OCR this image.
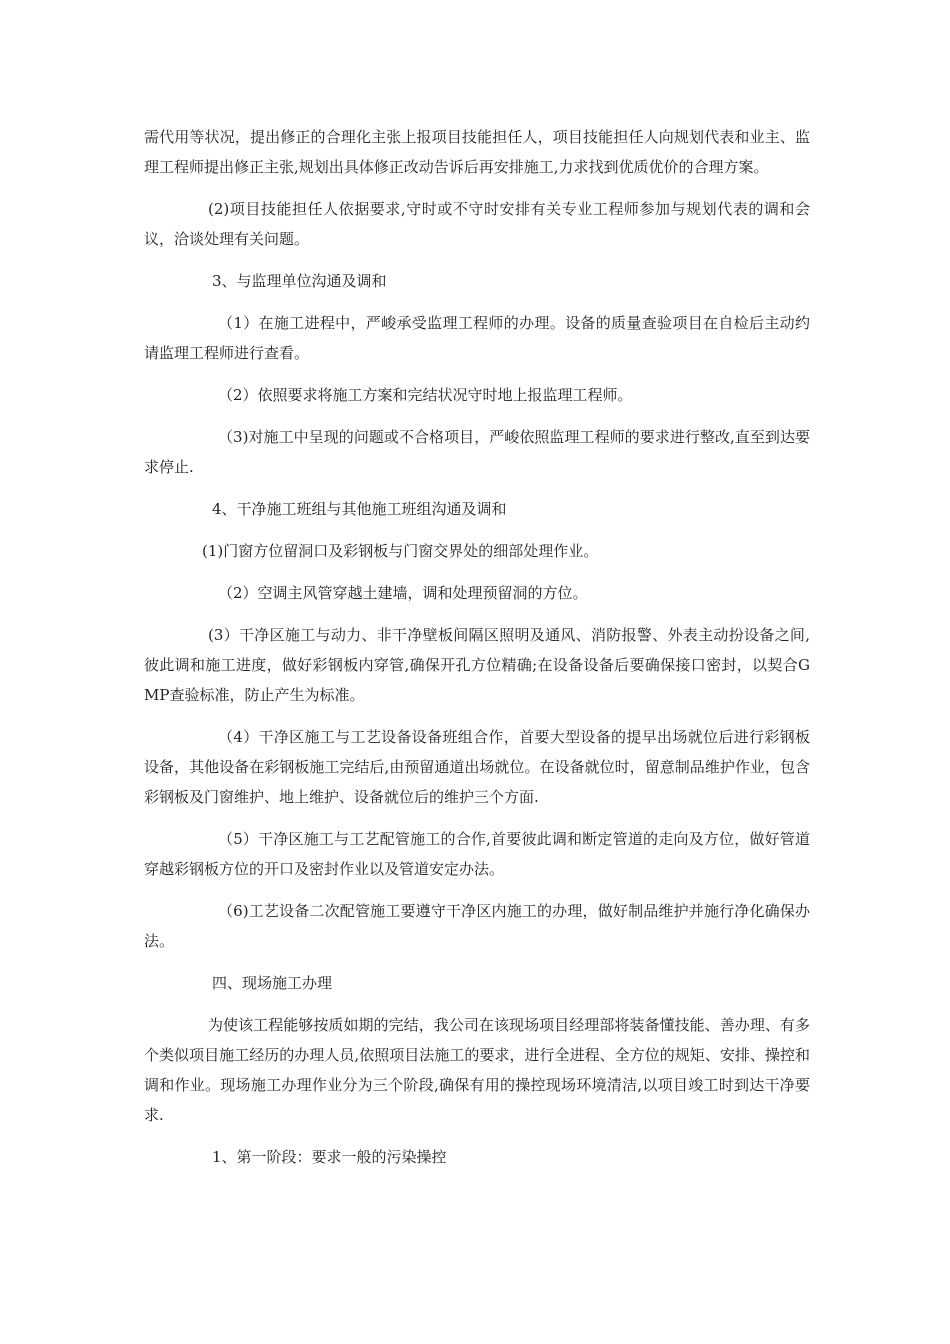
需代用等状况，提出修正的合理化主张上报项目技能担任人，项目技能担任人向规划代表和业主、监理工程师提出修正主张,规划出具体修正改动告诉后再安排施工,力求找到优质优价的合理方案。

(2)项目技能担任人依据要求,守时或不守时安排有关专业工程师参加与规划代表的调和会议，洽谈处理有关问题。

3、与监理单位沟通及调和

（1）在施工进程中，严峻承受监理工程师的办理。设备的质量查验项目在自检后主动约请监理工程师进行查看。

（2）依照要求将施工方案和完结状况守时地上报监理工程师。

（3)对施工中呈现的问题或不合格项目，严峻依照监理工程师的要求进行整改,直至到达要求停止.

4、干净施工班组与其他施工班组沟通及调和

(1)门窗方位留洞口及彩钢板与门窗交界处的细部处理作业。

（2）空调主风管穿越土建墙，调和处理预留洞的方位。

(3）干净区施工与动力、非干净壁板间隔区照明及通风、消防报警、外表主动扮设备之间,彼此调和施工进度，做好彩钢板内穿管,确保开孔方位精确;在设备设备后要确保接口密封，以契合GMP查验标准，防止产生为标准。

（4）干净区施工与工艺设备设备班组合作，首要大型设备的提早出场就位后进行彩钢板设备，其他设备在彩钢板施工完结后,由预留通道出场就位。在设备就位时，留意制品维护作业，包含彩钢板及门窗维护、地上维护、设备就位后的维护三个方面.

（5）干净区施工与工艺配管施工的合作,首要彼此调和断定管道的走向及方位，做好管道穿越彩钢板方位的开口及密封作业以及管道安定办法。

（6)工艺设备二次配管施工要遵守干净区内施工的办理，做好制品维护并施行净化确保办法。

四、现场施工办理

为使该工程能够按质如期的完结，我公司在该现场项目经理部将装备懂技能、善办理、有多个类似项目施工经历的办理人员,依照项目法施工的要求，进行全进程、全方位的规矩、安排、操控和调和作业。现场施工办理作业分为三个阶段,确保有用的操控现场环境清洁,以项目竣工时到达干净要求.

1、第一阶段：要求一般的污染操控
